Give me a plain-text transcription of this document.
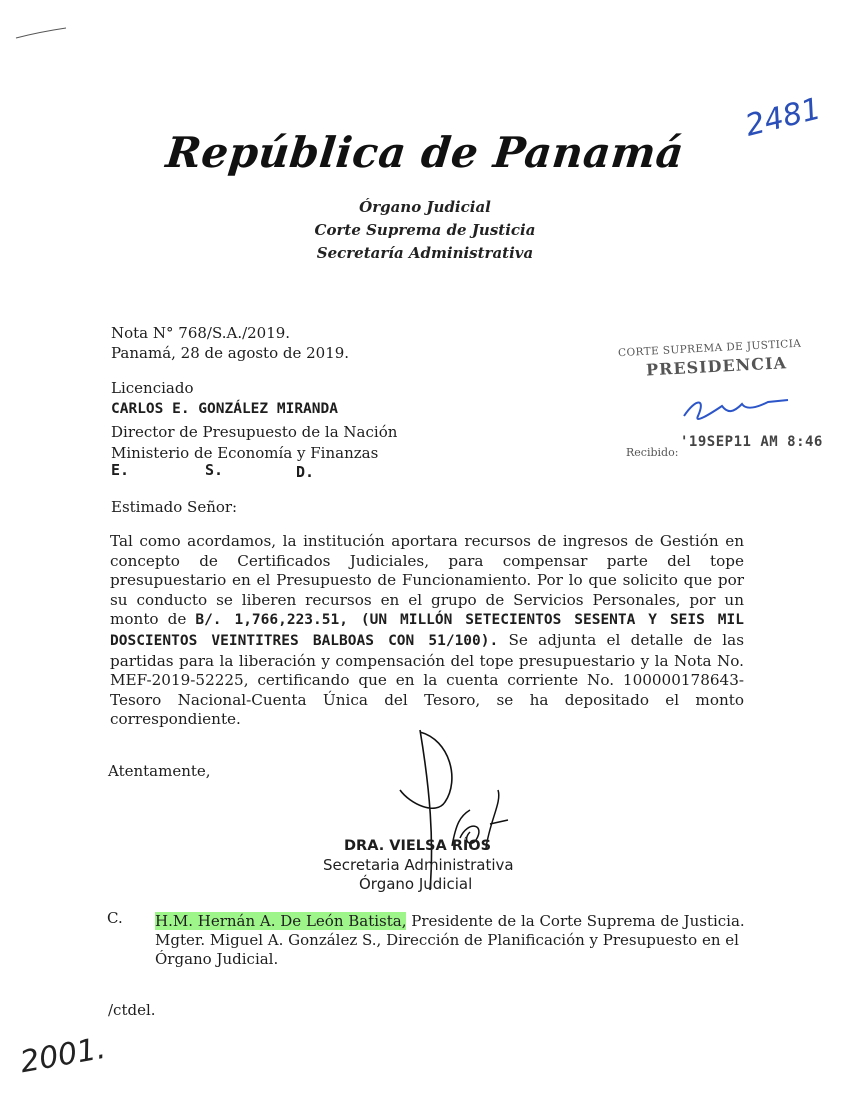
2481
República de Panamá
Órgano Judicial
Corte Suprema de Justicia
Secretaría Administrativa
CORTE SUPREMA DE JUSTICIA
PRESIDENCIA
Recibido:
'19SEP11 AM 8:46
Nota N° 768/S.A./2019.
Panamá, 28 de agosto de 2019.
Licenciado
CARLOS E. GONZÁLEZ MIRANDA
Director de Presupuesto de la Nación
Ministerio de Economía y Finanzas
E.	S.	D.
Estimado Señor:
Tal como acordamos, la institución aportara recursos de ingresos de Gestión en concepto de Certificados Judiciales, para compensar parte del tope presupuestario en el Presupuesto de Funcionamiento. Por lo que solicito que por su conducto se liberen recursos en el grupo de Servicios Personales, por un monto de B/. 1,766,223.51, (UN MILLÓN SETECIENTOS SESENTA Y SEIS MIL DOSCIENTOS VEINTITRES BALBOAS CON 51/100). Se adjunta el detalle de las partidas para la liberación y compensación del tope presupuestario y la Nota No. MEF-2019-52225, certificando que en la cuenta corriente No. 100000178643-Tesoro Nacional-Cuenta Única del Tesoro, se ha depositado el monto correspondiente.
Atentamente,
DRA. VIELSA RÍOS
Secretaria Administrativa
Órgano Judicial
C. H.M. Hernán A. De León Batista, Presidente de la Corte Suprema de Justicia.
Mgter. Miguel A. González S., Dirección de Planificación y Presupuesto en el Órgano Judicial.
/ctdel.
2001.
